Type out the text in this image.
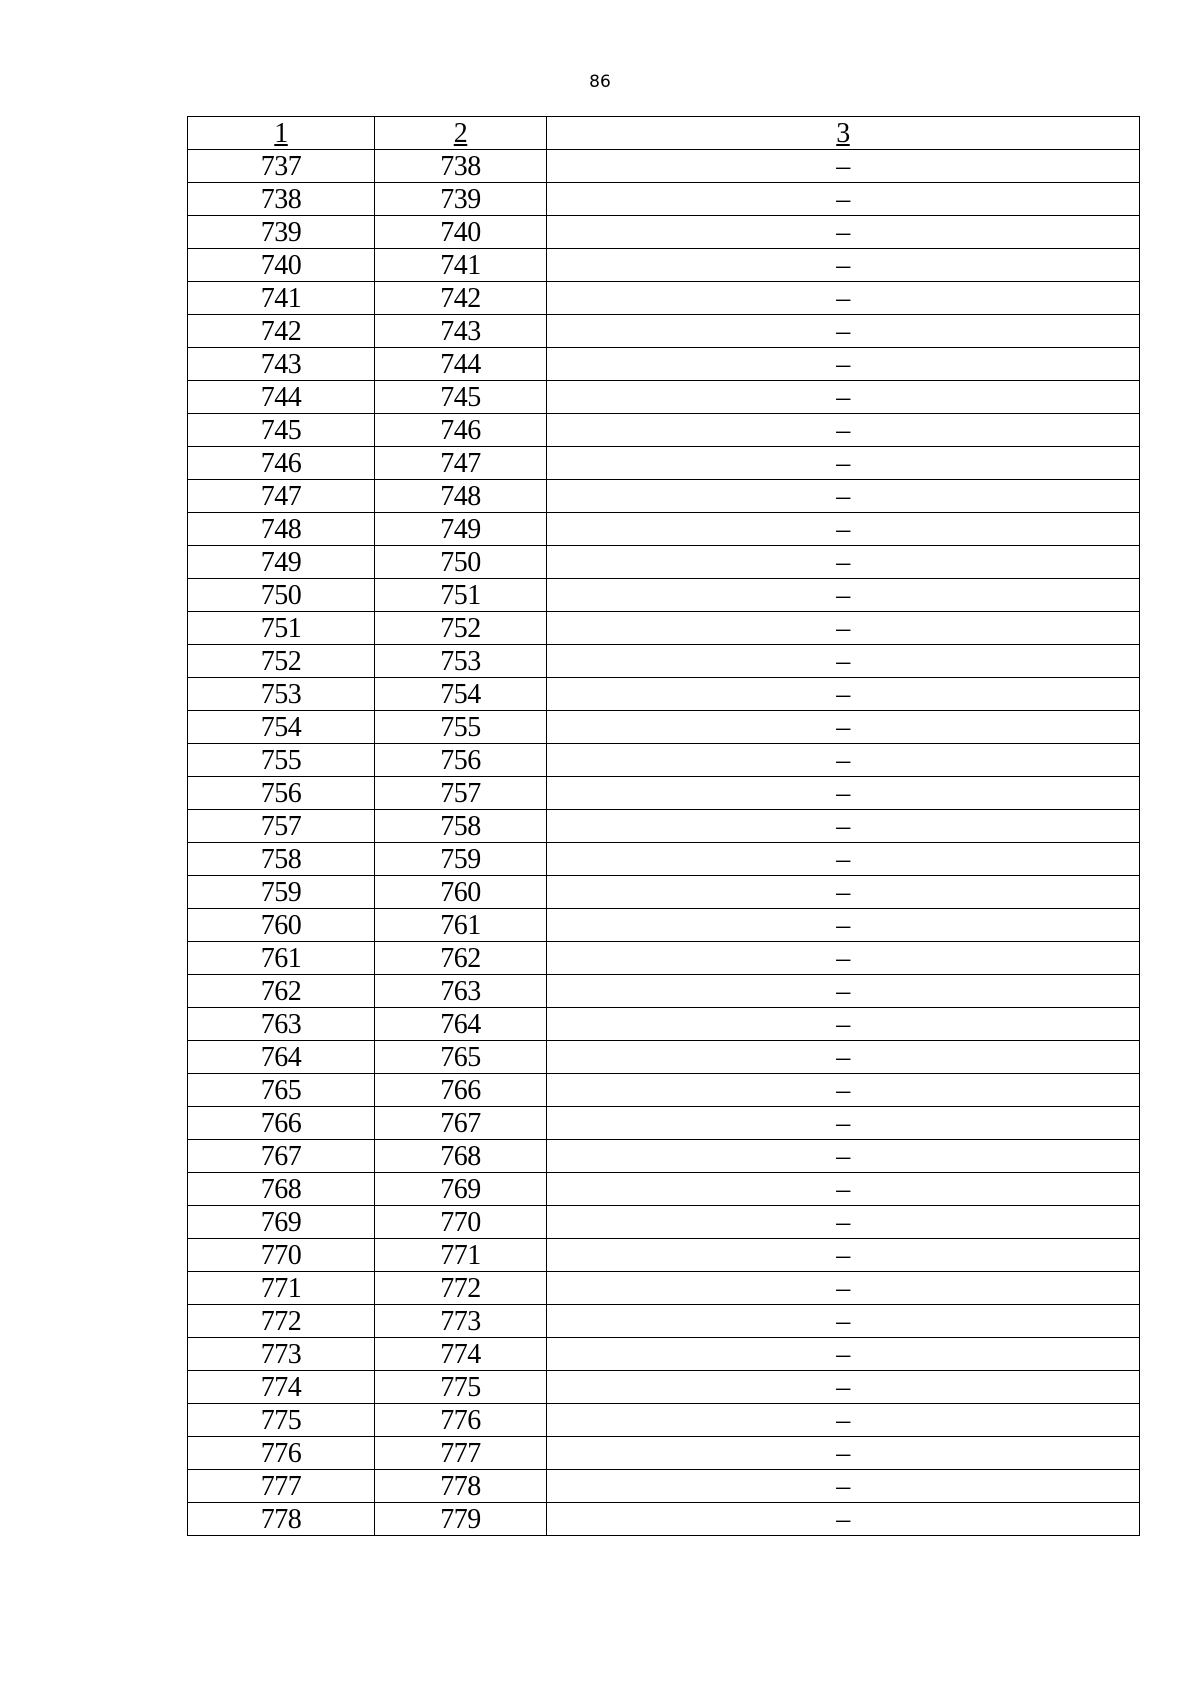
86
1	2	3
737	738	–
738	739	–
739	740	–
740	741	–
741	742	–
742	743	–
743	744	–
744	745	–
745	746	–
746	747	–
747	748	–
748	749	–
749	750	–
750	751	–
751	752	–
752	753	–
753	754	–
754	755	–
755	756	–
756	757	–
757	758	–
758	759	–
759	760	–
760	761	–
761	762	–
762	763	–
763	764	–
764	765	–
765	766	–
766	767	–
767	768	–
768	769	–
769	770	–
770	771	–
771	772	–
772	773	–
773	774	–
774	775	–
775	776	–
776	777	–
777	778	–
778	779	–
